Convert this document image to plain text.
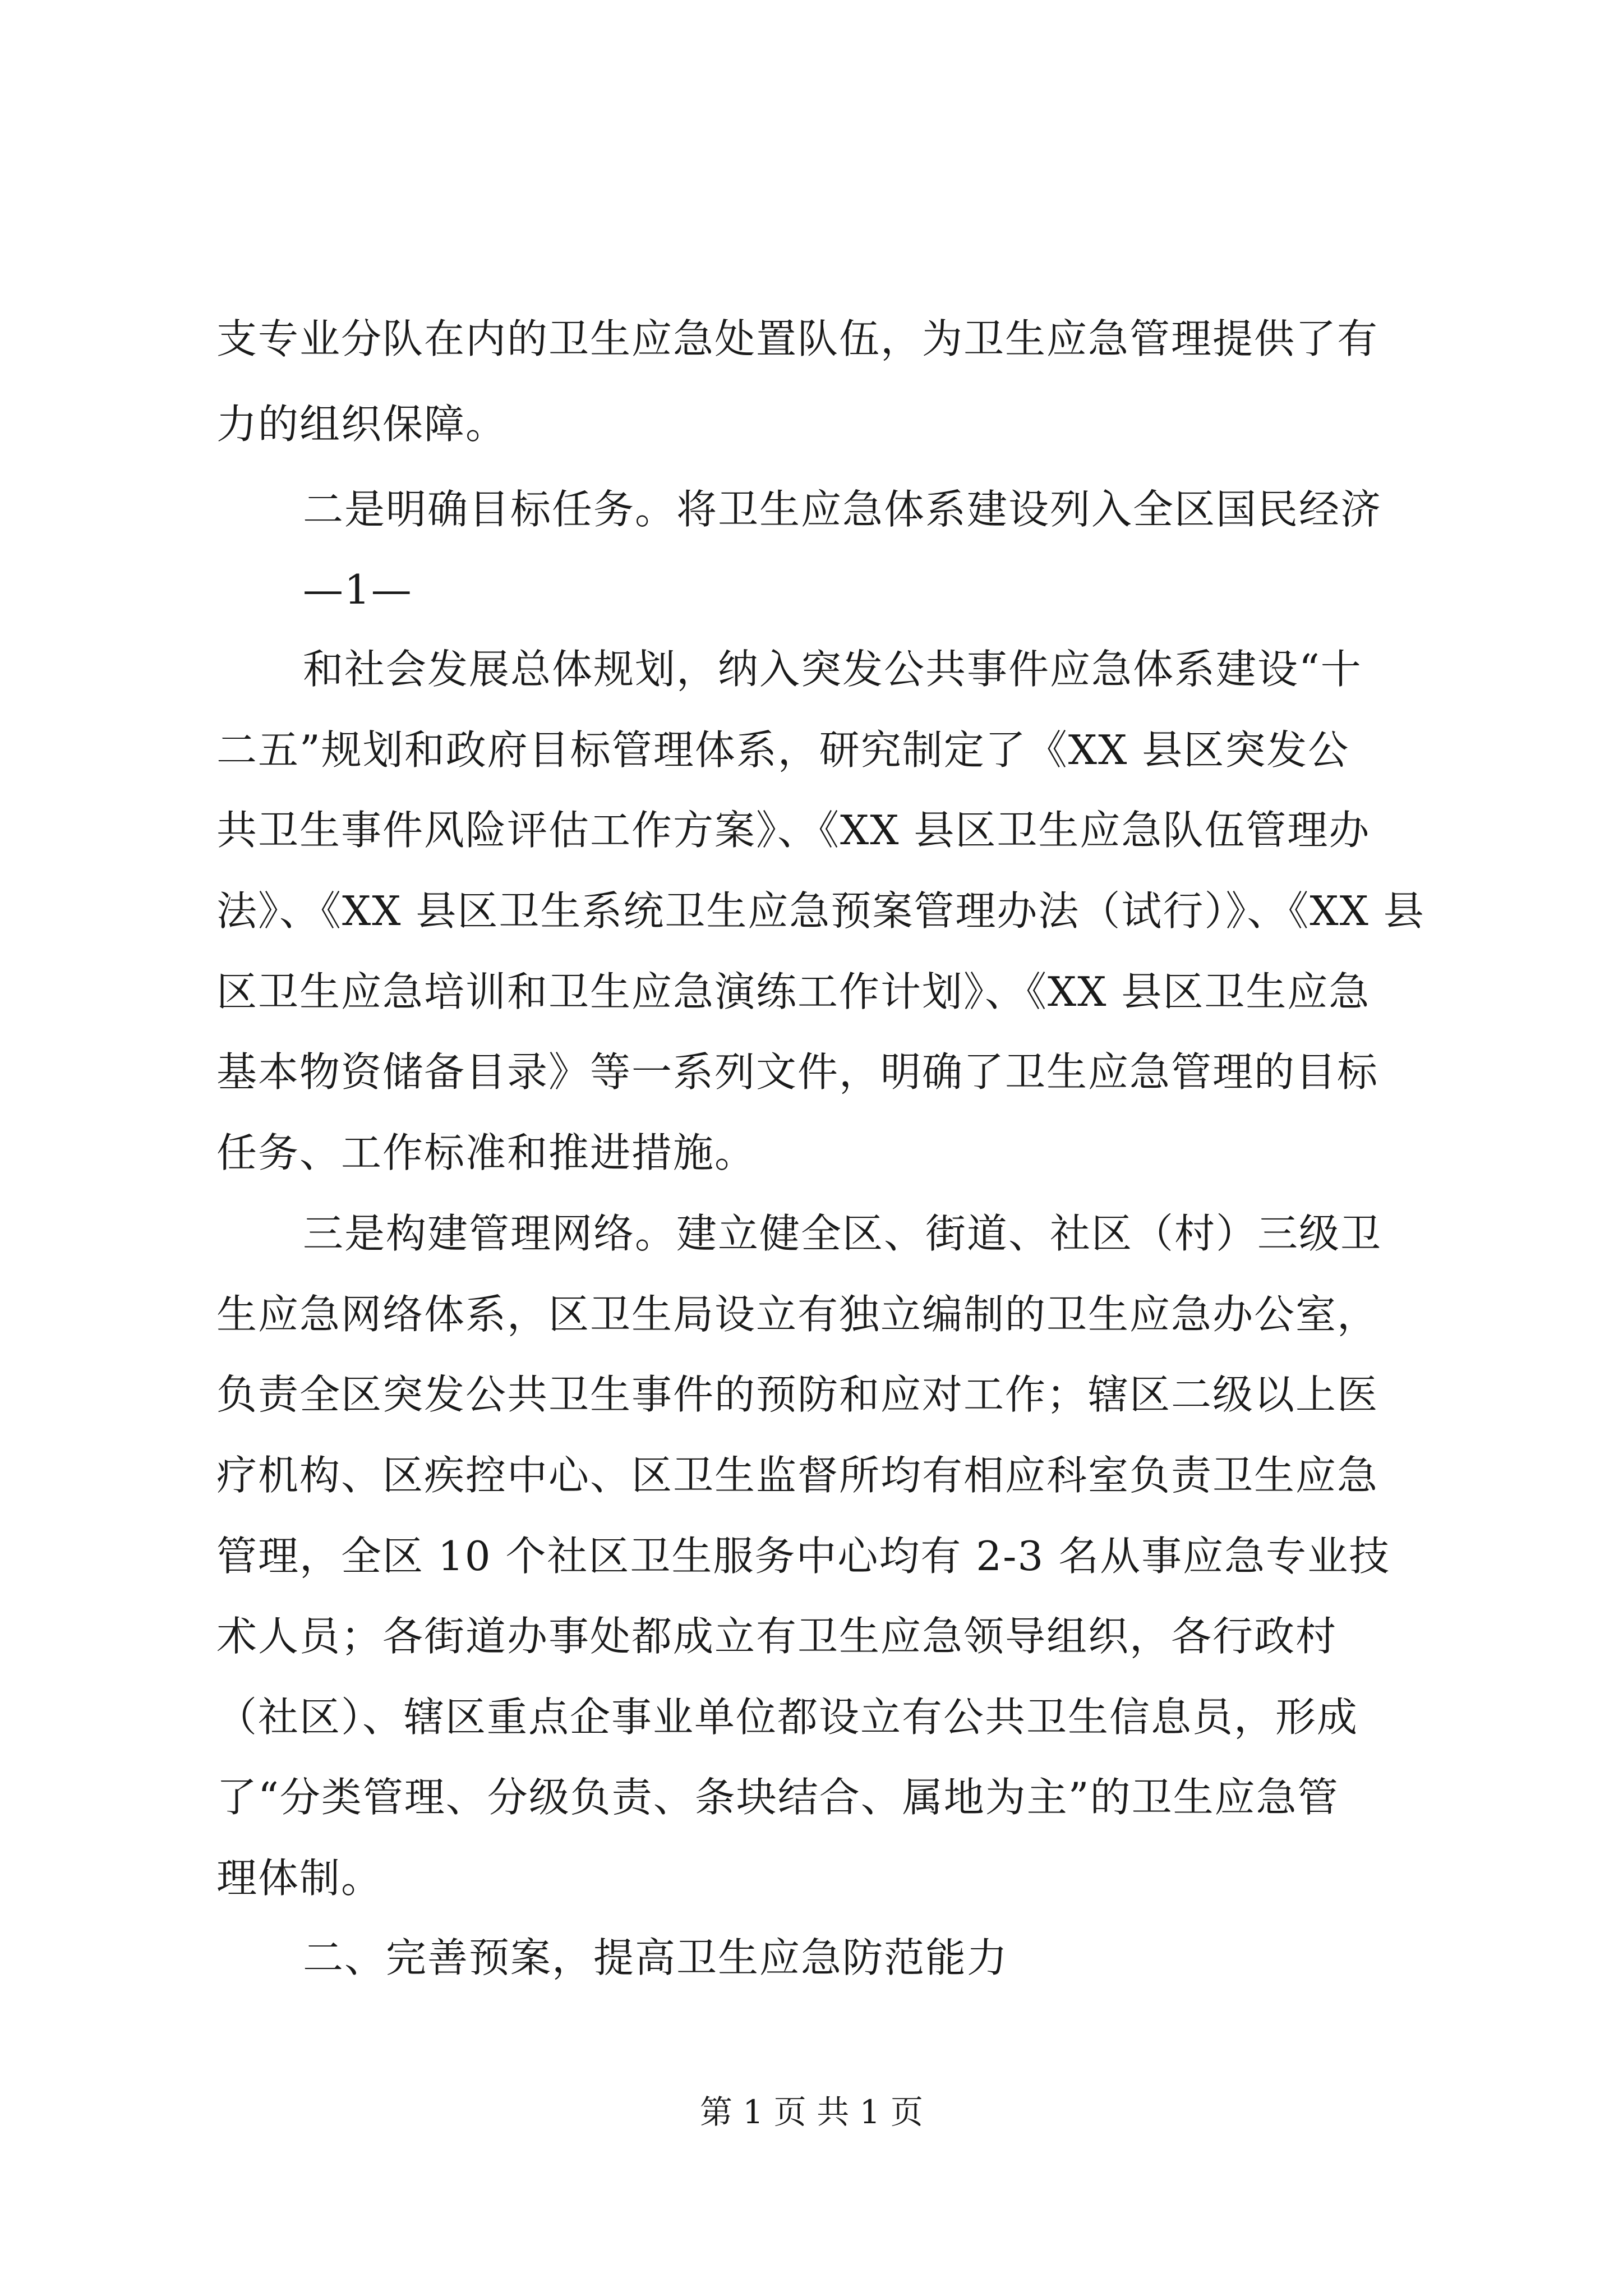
支专业分队在内的卫生应急处置队伍，为卫生应急管理提供了有
力的组织保障。
二是明确目标任务。将卫生应急体系建设列入全区国民经济
—1—
和社会发展总体规划，纳入突发公共事件应急体系建设“十
二五”规划和政府目标管理体系，研究制定了《XX 县区突发公
共卫生事件风险评估工作方案》、《XX 县区卫生应急队伍管理办
法》、《XX 县区卫生系统卫生应急预案管理办法（试行）》、《XX 县
区卫生应急培训和卫生应急演练工作计划》、《XX 县区卫生应急
基本物资储备目录》等一系列文件，明确了卫生应急管理的目标
任务、工作标准和推进措施。
三是构建管理网络。建立健全区、街道、社区（村）三级卫
生应急网络体系，区卫生局设立有独立编制的卫生应急办公室，
负责全区突发公共卫生事件的预防和应对工作；辖区二级以上医
疗机构、区疾控中心、区卫生监督所均有相应科室负责卫生应急
管理，全区 10 个社区卫生服务中心均有 2-3 名从事应急专业技
术人员；各街道办事处都成立有卫生应急领导组织，各行政村
（社区）、辖区重点企事业单位都设立有公共卫生信息员，形成
了“分类管理、分级负责、条块结合、属地为主”的卫生应急管
理体制。
二、完善预案，提高卫生应急防范能力
第 1 页 共 1 页
